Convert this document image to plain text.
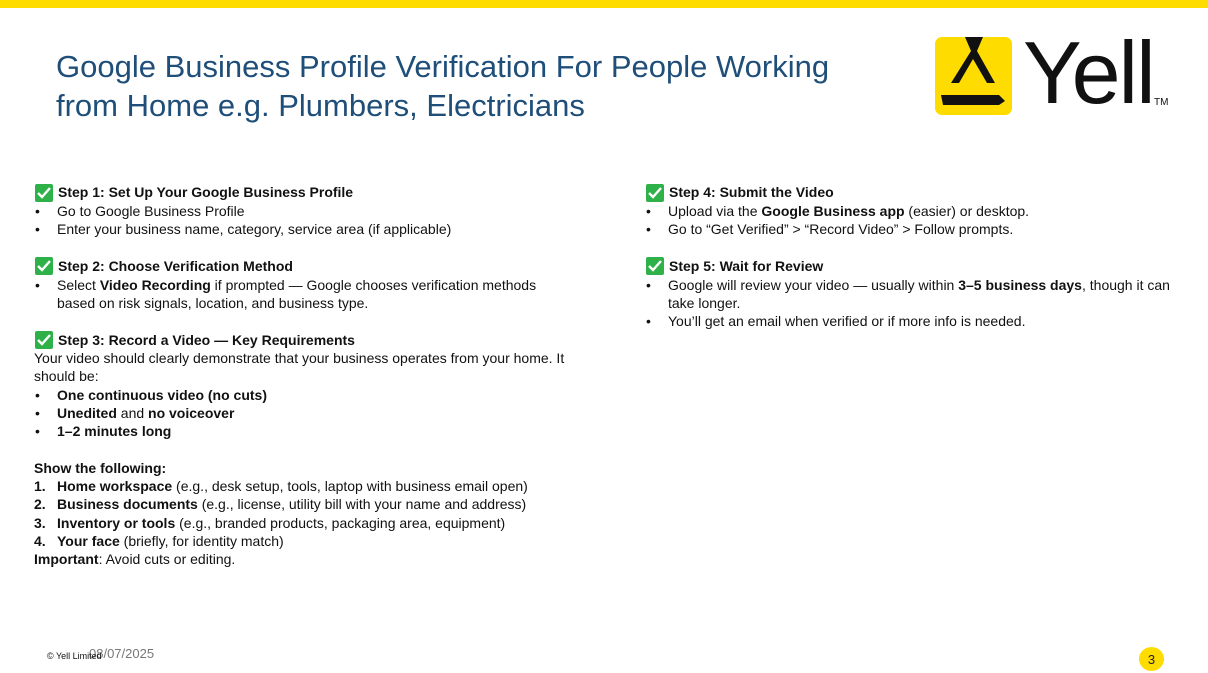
Google Business Profile Verification For People Working
from Home e.g. Plumbers, Electricians	Yell TM
Step 1: Set Up Your Google Business Profile
• Go to Google Business Profile
• Enter your business name, category, service area (if applicable)
Step 2: Choose Verification Method
• Select Video Recording if prompted — Google chooses verification methods
based on risk signals, location, and business type.
Step 3: Record a Video — Key Requirements
Your video should clearly demonstrate that your business operates from your home. It
should be:
• One continuous video (no cuts)
• Unedited and no voiceover
• 1–2 minutes long
Show the following:
1. Home workspace (e.g., desk setup, tools, laptop with business email open)
2. Business documents (e.g., license, utility bill with your name and address)
3. Inventory or tools (e.g., branded products, packaging area, equipment)
4. Your face (briefly, for identity match)
Important: Avoid cuts or editing.
Step 4: Submit the Video
• Upload via the Google Business app (easier) or desktop.
• Go to “Get Verified” > “Record Video” > Follow prompts.
Step 5: Wait for Review
• Google will review your video — usually within 3–5 business days, though it can
take longer.
• You’ll get an email when verified or if more info is needed.
08/07/2025
© Yell Limited	3
